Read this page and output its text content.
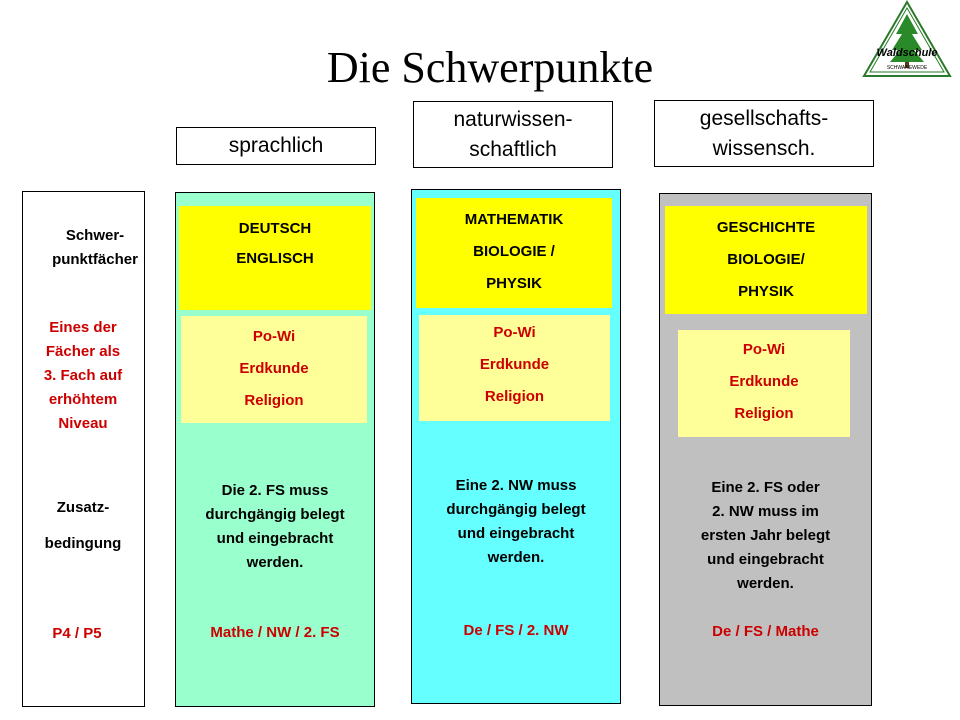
Die Schwerpunkte	Waldschule
SCHWANEWEDE
sprachlich
naturwissen-
schaftlich
gesellschafts-
wissensch.
Schwer-
punktfächer
Eines der
Fächer als
3. Fach auf
erhöhtem
Niveau
Zusatz-
bedingung
P4 / P5
DEUTSCH
ENGLISCH
Po-Wi
Erdkunde
Religion
Die 2. FS muss
durchgängig belegt
und eingebracht
werden.
Mathe / NW / 2. FS
MATHEMATIK
BIOLOGIE /
PHYSIK
Po-Wi
Erdkunde
Religion
Eine 2. NW muss
durchgängig belegt
und eingebracht
werden.
De / FS / 2. NW
GESCHICHTE
BIOLOGIE/
PHYSIK
Po-Wi
Erdkunde
Religion
Eine 2. FS oder
2. NW muss im
ersten Jahr belegt
und eingebracht
werden.
De / FS / Mathe
